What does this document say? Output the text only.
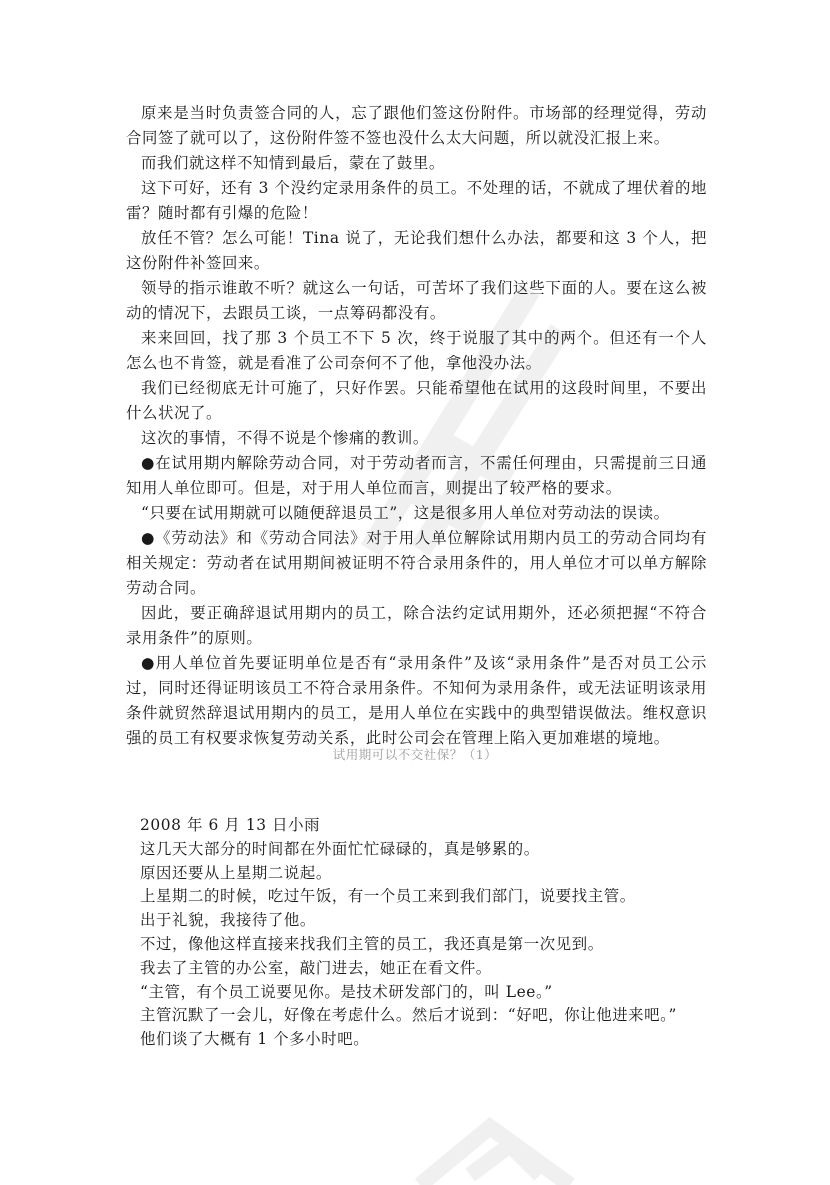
原来是当时负责签合同的人，忘了跟他们签这份附件。市场部的经理觉得，劳动合同签了就可以了，这份附件签不签也没什么太大问题，所以就没汇报上来。

而我们就这样不知情到最后，蒙在了鼓里。

这下可好，还有 3 个没约定录用条件的员工。不处理的话，不就成了埋伏着的地雷？随时都有引爆的危险！

放任不管？怎么可能！Tina 说了，无论我们想什么办法，都要和这 3 个人，把这份附件补签回来。

领导的指示谁敢不听？就这么一句话，可苦坏了我们这些下面的人。要在这么被动的情况下，去跟员工谈，一点筹码都没有。

来来回回，找了那 3 个员工不下 5 次，终于说服了其中的两个。但还有一个人怎么也不肯签，就是看准了公司奈何不了他，拿他没办法。

我们已经彻底无计可施了，只好作罢。只能希望他在试用的这段时间里，不要出什么状况了。

这次的事情，不得不说是个惨痛的教训。

●在试用期内解除劳动合同，对于劳动者而言，不需任何理由，只需提前三日通知用人单位即可。但是，对于用人单位而言，则提出了较严格的要求。

“只要在试用期就可以随便辞退员工”，这是很多用人单位对劳动法的误读。

●《劳动法》和《劳动合同法》对于用人单位解除试用期内员工的劳动合同均有相关规定：劳动者在试用期间被证明不符合录用条件的，用人单位才可以单方解除劳动合同。

因此，要正确辞退试用期内的员工，除合法约定试用期外，还必须把握“不符合录用条件”的原则。

●用人单位首先要证明单位是否有“录用条件”及该“录用条件”是否对员工公示过，同时还得证明该员工不符合录用条件。不知何为录用条件，或无法证明该录用条件就贸然辞退试用期内的员工，是用人单位在实践中的典型错误做法。维权意识强的员工有权要求恢复劳动关系，此时公司会在管理上陷入更加难堪的境地。

试用期可以不交社保？（1）

2008 年 6 月 13 日小雨

这几天大部分的时间都在外面忙忙碌碌的，真是够累的。

原因还要从上星期二说起。

上星期二的时候，吃过午饭，有一个员工来到我们部门，说要找主管。

出于礼貌，我接待了他。

不过，像他这样直接来找我们主管的员工，我还真是第一次见到。

我去了主管的办公室，敲门进去，她正在看文件。

“主管，有个员工说要见你。是技术研发部门的，叫 Lee。”

主管沉默了一会儿，好像在考虑什么。然后才说到：“好吧，你让他进来吧。”

他们谈了大概有 1 个多小时吧。
